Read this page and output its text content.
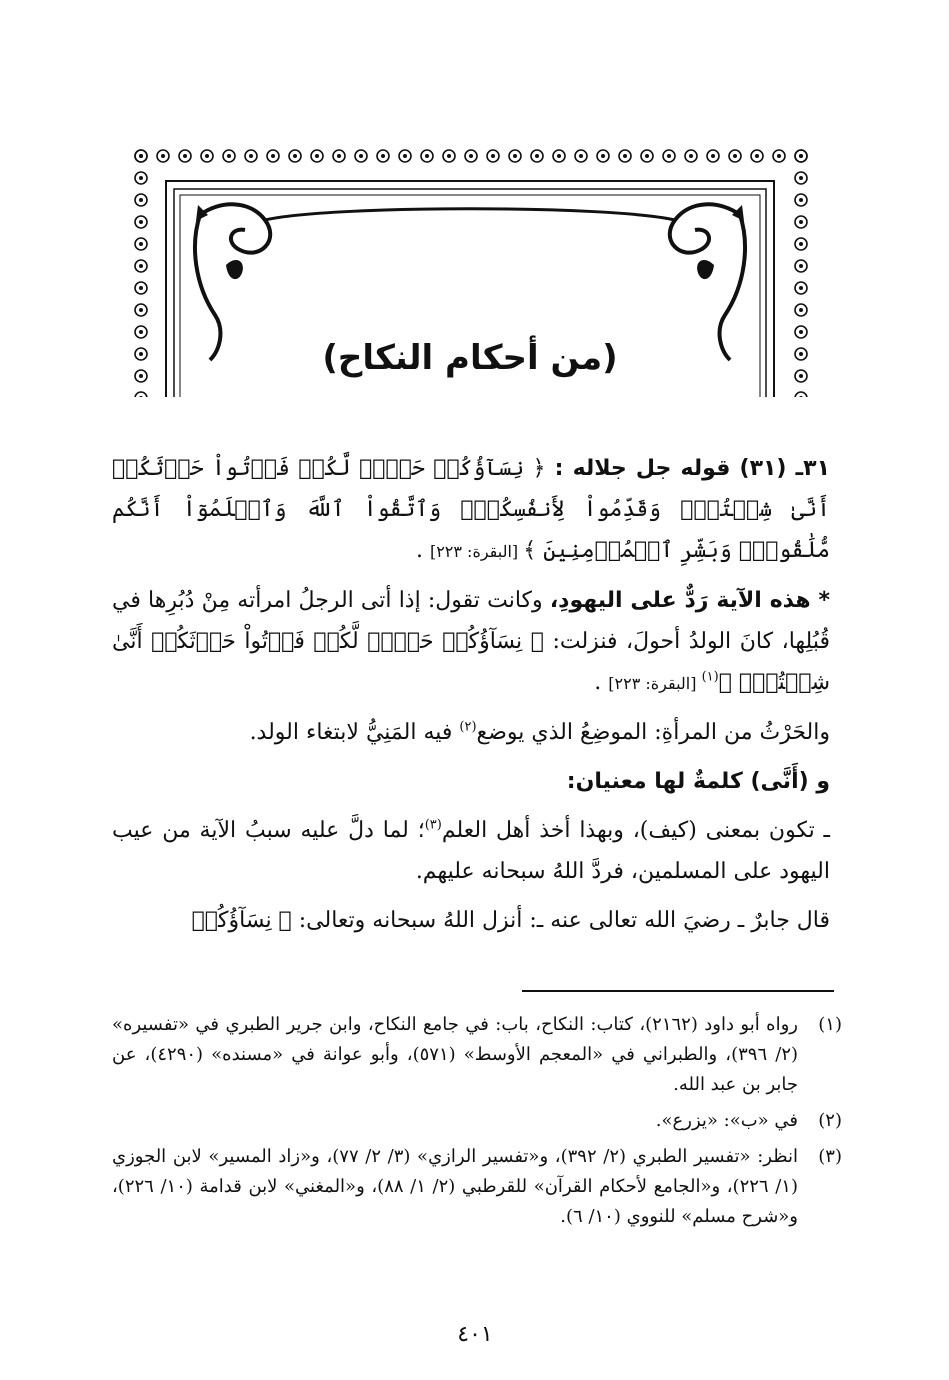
(من أحكام النكاح)

٣١ـ (٣١) قوله جل جلاله : ﴿ نِسَآؤُكُمۡ حَرۡثٞ لَّكُمۡ فَأۡتُواْ حَرۡثَكُمۡ أَنَّىٰ شِئۡتُمۡۖ وَقَدِّمُواْ لِأَنفُسِكُمۡۚ وَٱتَّقُواْ ٱللَّهَ وَٱعۡلَمُوٓاْ أَنَّكُم مُّلَٰقُوهُۗ وَبَشِّرِ ٱلۡمُؤۡمِنِينَ ﴾ [البقرة: ٢٢٣] .

* هذه الآية رَدٌّ على اليهودِ، وكانت تقول: إذا أتى الرجلُ امرأته مِنْ دُبُرِها في قُبُلِها، كانَ الولدُ أحولَ، فنزلت: ﴿ نِسَآؤُكُمۡ حَرۡثٞ لَّكُمۡ فَأۡتُواْ حَرۡثَكُمۡ أَنَّىٰ شِئۡتُمۡۖ ﴾$^{(١)}$ [البقرة: ٢٢٣] .

والحَرْثُ من المرأةِ: الموضِعُ الذي يوضع$^{(٢)}$ فيه المَنِيُّ لابتغاء الولد.

و (أَنَّى) كلمةٌ لها معنيان:

ـ تكون بمعنى (كيف)، وبهذا أخذ أهل العلم$^{(٣)}$؛ لما دلَّ عليه سببُ الآية من عيب اليهود على المسلمين، فردَّ اللهُ سبحانه عليهم.

قال جابرٌ ـ رضيَ الله تعالى عنه ـ: أنزل اللهُ سبحانه وتعالى: ﴿ نِسَآؤُكُمۡ

(١)
رواه أبو داود (٢١٦٢)، كتاب: النكاح، باب: في جامع النكاح، وابن جرير الطبري في «تفسيره» (٢/ ٣٩٦)، والطبراني في «المعجم الأوسط» (٥٧١)، وأبو عوانة في «مسنده» (٤٢٩٠)، عن جابر بن عبد الله.
(٢)
في «ب»: «يزرع».
(٣)
انظر: «تفسير الطبري (٢/ ٣٩٢)، و«تفسير الرازي» (٣/ ٢/ ٧٧)، و«زاد المسير» لابن الجوزي (١/ ٢٢٦)، و«الجامع لأحكام القرآن» للقرطبي (٢/ ١/ ٨٨)، و«المغني» لابن قدامة (١٠/ ٢٢٦)، و«شرح مسلم» للنووي (١٠/ ٦).
٤٠١
